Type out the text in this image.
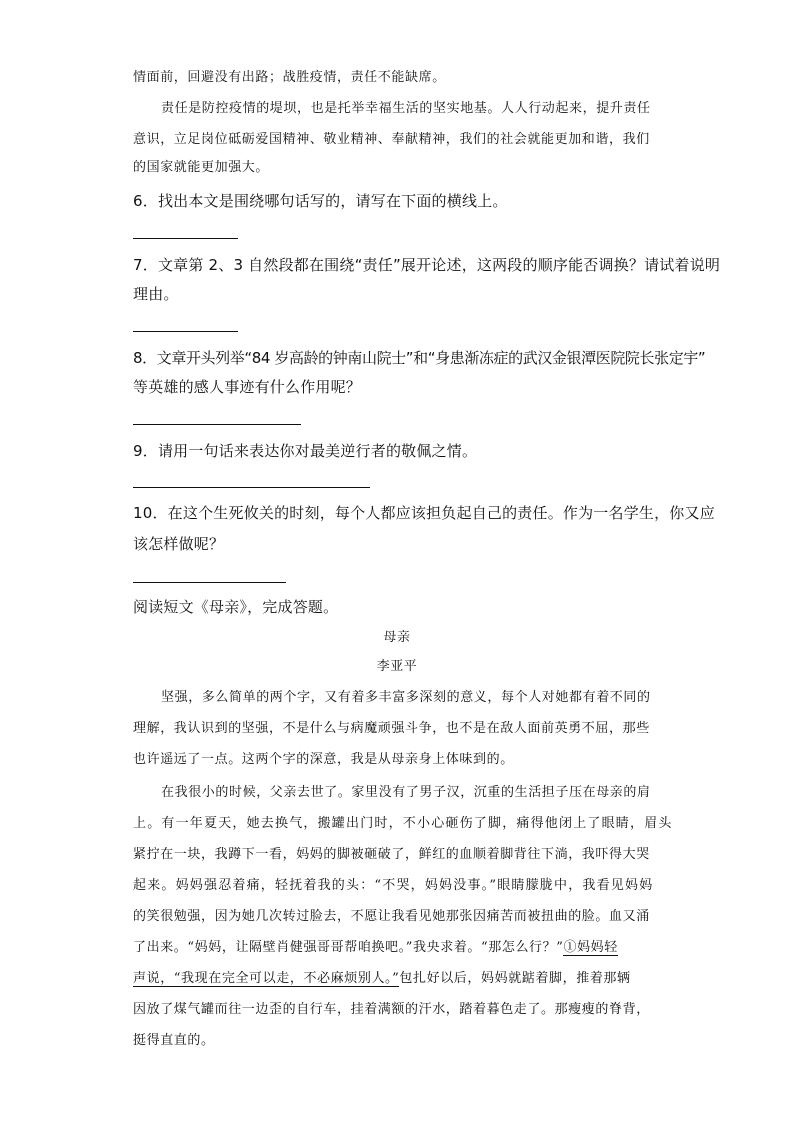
情面前，回避没有出路；战胜疫情，责任不能缺席。
责任是防控疫情的堤坝，也是托举幸福生活的坚实地基。人人行动起来，提升责任
意识，立足岗位砥砺爱国精神、敬业精神、奉献精神，我们的社会就能更加和谐，我们
的国家就能更加强大。
6．找出本文是围绕哪句话写的，请写在下面的横线上。
7．文章第 2、3 自然段都在围绕“责任”展开论述，这两段的顺序能否调换？请试着说明
理由。
8．文章开头列举“84 岁高龄的钟南山院士”和“身患渐冻症的武汉金银潭医院院长张定宇”
等英雄的感人事迹有什么作用呢？
9．请用一句话来表达你对最美逆行者的敬佩之情。
10．在这个生死攸关的时刻，每个人都应该担负起自己的责任。作为一名学生，你又应
该怎样做呢？
阅读短文《母亲》，完成答题。
母亲
李亚平
坚强，多么简单的两个字，又有着多丰富多深刻的意义，每个人对她都有着不同的
理解，我认识到的坚强，不是什么与病魔顽强斗争，也不是在敌人面前英勇不屈，那些
也许遥远了一点。这两个字的深意，我是从母亲身上体味到的。
在我很小的时候，父亲去世了。家里没有了男子汉，沉重的生活担子压在母亲的肩
上。有一年夏天，她去换气，搬罐出门时，不小心砸伤了脚，痛得他闭上了眼睛，眉头
紧拧在一块，我蹲下一看，妈妈的脚被砸破了，鲜红的血顺着脚背往下淌，我吓得大哭
起来。妈妈强忍着痛，轻抚着我的头：“不哭，妈妈没事。”眼睛朦胧中，我看见妈妈
的笑很勉强，因为她几次转过脸去，不愿让我看见她那张因痛苦而被扭曲的脸。血又涌
了出来。“妈妈，让隔壁肖健强哥哥帮咱换吧。”我央求着。“那怎么行？”①妈妈轻
声说，“我现在完全可以走，不必麻烦别人。”包扎好以后，妈妈就踮着脚，推着那辆
因放了煤气罐而往一边歪的自行车，挂着满额的汗水，踏着暮色走了。那瘦瘦的脊背，
挺得直直的。
